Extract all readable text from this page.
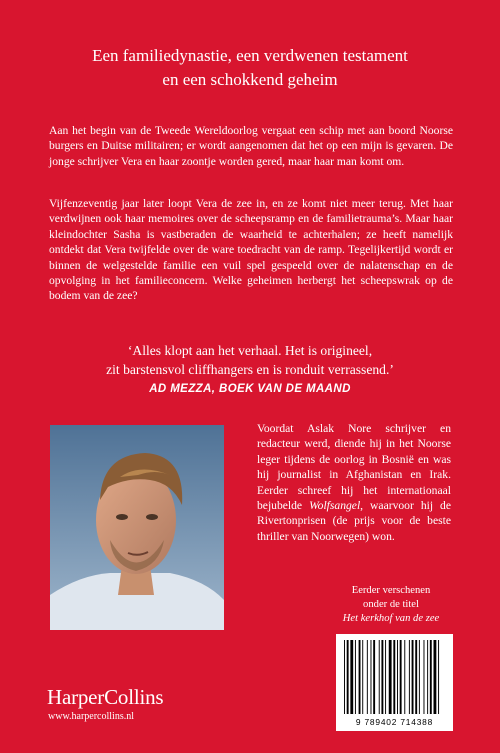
Een familiedynastie, een verdwenen testament
en een schokkend geheim
Aan het begin van de Tweede Wereldoorlog vergaat een schip met aan boord Noorse burgers en Duitse militairen; er wordt aangenomen dat het op een mijn is gevaren. De jonge schrijver Vera en haar zoontje worden gered, maar haar man komt om.
Vijfenzeventig jaar later loopt Vera de zee in, en ze komt niet meer terug. Met haar verdwijnen ook haar memoires over de scheepsramp en de familietrauma’s. Maar haar kleindochter Sasha is vastberaden de waarheid te achterhalen; ze heeft namelijk ontdekt dat Vera twijfelde over de ware toedracht van de ramp. Tegelijkertijd wordt er binnen de welgestelde familie een vuil spel gespeeld over de nalatenschap en de opvolging in het familieconcern. Welke geheimen herbergt het scheepswrak op de bodem van de zee?
‘Alles klopt aan het verhaal. Het is origineel,
zit barstensvol cliffhangers en is ronduit verrassend.’
AD MEZZA, BOEK VAN DE MAAND
Voordat Aslak Nore schrijver en redacteur werd, diende hij in het Noorse leger tijdens de oorlog in Bosnië en was hij journalist in Afghanistan en Irak. Eerder schreef hij het internationaal bejubelde Wolfsangel, waarvoor hij de Rivertonprisen (de prijs voor de beste thriller van Noorwegen) won.
Eerder verschenen
onder de titel
Het kerkhof van de zee
9 789402 714388
HarperCollins
www.harpercollins.nl
